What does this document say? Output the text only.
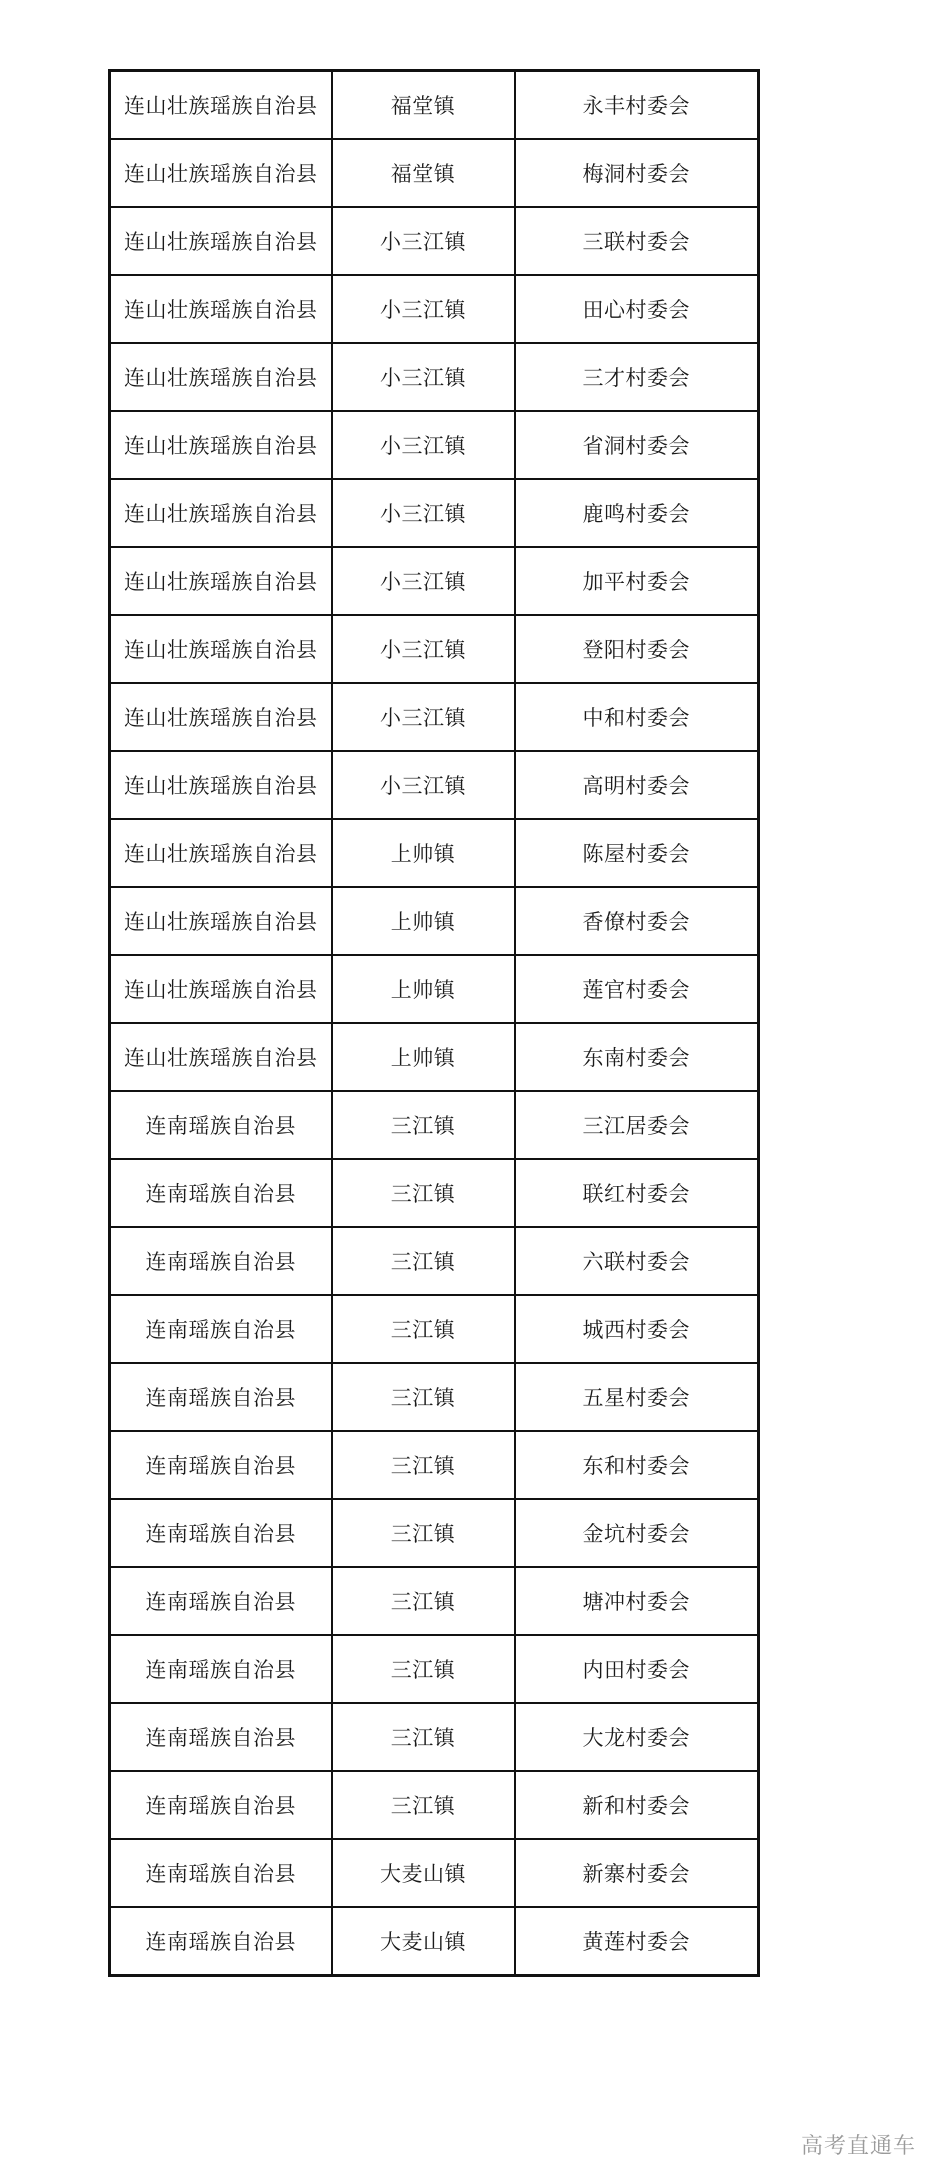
连山壮族瑶族自治县	福堂镇	永丰村委会
连山壮族瑶族自治县	福堂镇	梅洞村委会
连山壮族瑶族自治县	小三江镇	三联村委会
连山壮族瑶族自治县	小三江镇	田心村委会
连山壮族瑶族自治县	小三江镇	三才村委会
连山壮族瑶族自治县	小三江镇	省洞村委会
连山壮族瑶族自治县	小三江镇	鹿鸣村委会
连山壮族瑶族自治县	小三江镇	加平村委会
连山壮族瑶族自治县	小三江镇	登阳村委会
连山壮族瑶族自治县	小三江镇	中和村委会
连山壮族瑶族自治县	小三江镇	高明村委会
连山壮族瑶族自治县	上帅镇	陈屋村委会
连山壮族瑶族自治县	上帅镇	香僚村委会
连山壮族瑶族自治县	上帅镇	莲官村委会
连山壮族瑶族自治县	上帅镇	东南村委会
连南瑶族自治县	三江镇	三江居委会
连南瑶族自治县	三江镇	联红村委会
连南瑶族自治县	三江镇	六联村委会
连南瑶族自治县	三江镇	城西村委会
连南瑶族自治县	三江镇	五星村委会
连南瑶族自治县	三江镇	东和村委会
连南瑶族自治县	三江镇	金坑村委会
连南瑶族自治县	三江镇	塘冲村委会
连南瑶族自治县	三江镇	内田村委会
连南瑶族自治县	三江镇	大龙村委会
连南瑶族自治县	三江镇	新和村委会
连南瑶族自治县	大麦山镇	新寨村委会
连南瑶族自治县	大麦山镇	黄莲村委会
高考直通车
